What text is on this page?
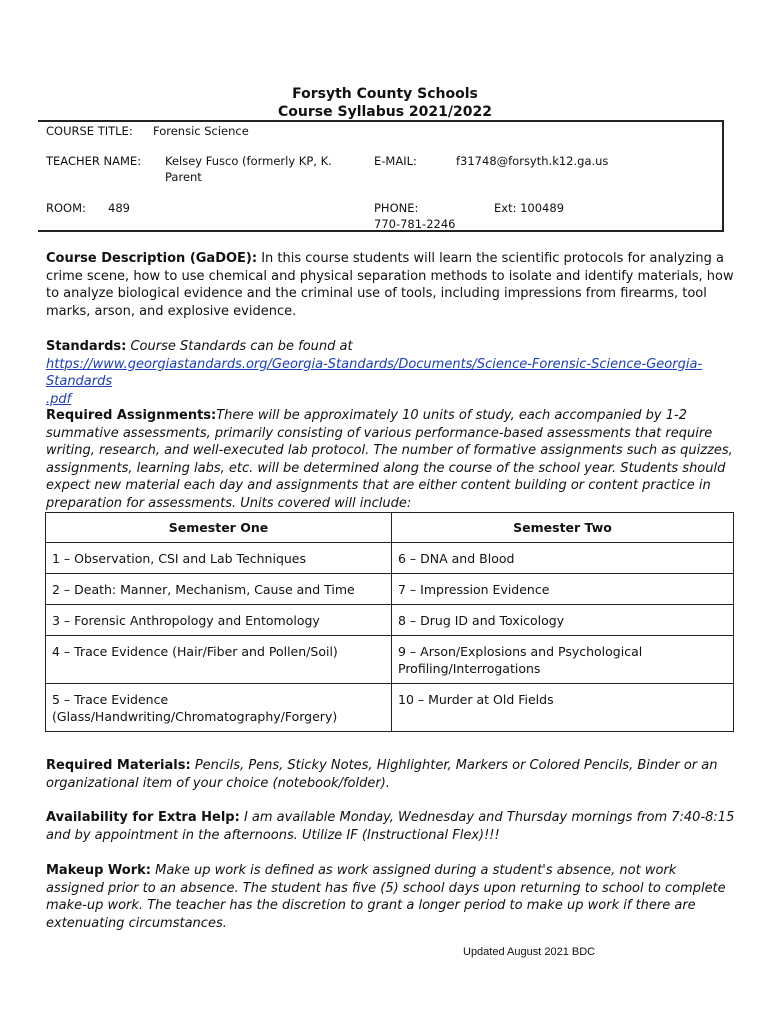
Forsyth County Schools
Course Syllabus 2021/2022
COURSE TITLE: Forensic Science
TEACHER NAME: Kelsey Fusco (formerly KP, K.
Parent
E-MAIL:	f31748@forsyth.k12.ga.us
ROOM: 489	PHONE:
770-781-2246
Ext: 100489
Course Description (GaDOE): In this course students will learn the scientific protocols for analyzing a crime scene, how to use chemical and physical separation methods to isolate and identify materials, how to analyze biological evidence and the criminal use of tools, including impressions from firearms, tool marks, arson, and explosive evidence.
Standards: Course Standards can be found at
https://www.georgiastandards.org/Georgia-Standards/Documents/Science-Forensic-Science-Georgia-Standards
.pdf
Required Assignments:There will be approximately 10 units of study, each accompanied by 1-2 summative assessments, primarily consisting of various performance-based assessments that require writing, research, and well-executed lab protocol. The number of formative assignments such as quizzes, assignments, learning labs, etc. will be determined along the course of the school year. Students should expect new material each day and assignments that are either content building or content practice in preparation for assessments. Units covered will include:
Semester One	Semester Two
1 – Observation, CSI and Lab Techniques	6 – DNA and Blood
2 – Death: Manner, Mechanism, Cause and Time	7 – Impression Evidence
3 – Forensic Anthropology and Entomology	8 – Drug ID and Toxicology
4 – Trace Evidence (Hair/Fiber and Pollen/Soil)	9 – Arson/Explosions and Psychological Profiling/Interrogations
5 – Trace Evidence (Glass/Handwriting/Chromatography/Forgery)	10 – Murder at Old Fields
Required Materials: Pencils, Pens, Sticky Notes, Highlighter, Markers or Colored Pencils, Binder or an organizational item of your choice (notebook/folder).
Availability for Extra Help: I am available Monday, Wednesday and Thursday mornings from 7:40-8:15 and by appointment in the afternoons. Utilize IF (Instructional Flex)!!!
Makeup Work: Make up work is defined as work assigned during a student's absence, not work assigned prior to an absence. The student has five (5) school days upon returning to school to complete make-up work. The teacher has the discretion to grant a longer period to make up work if there are extenuating circumstances.
Updated August 2021 BDC
